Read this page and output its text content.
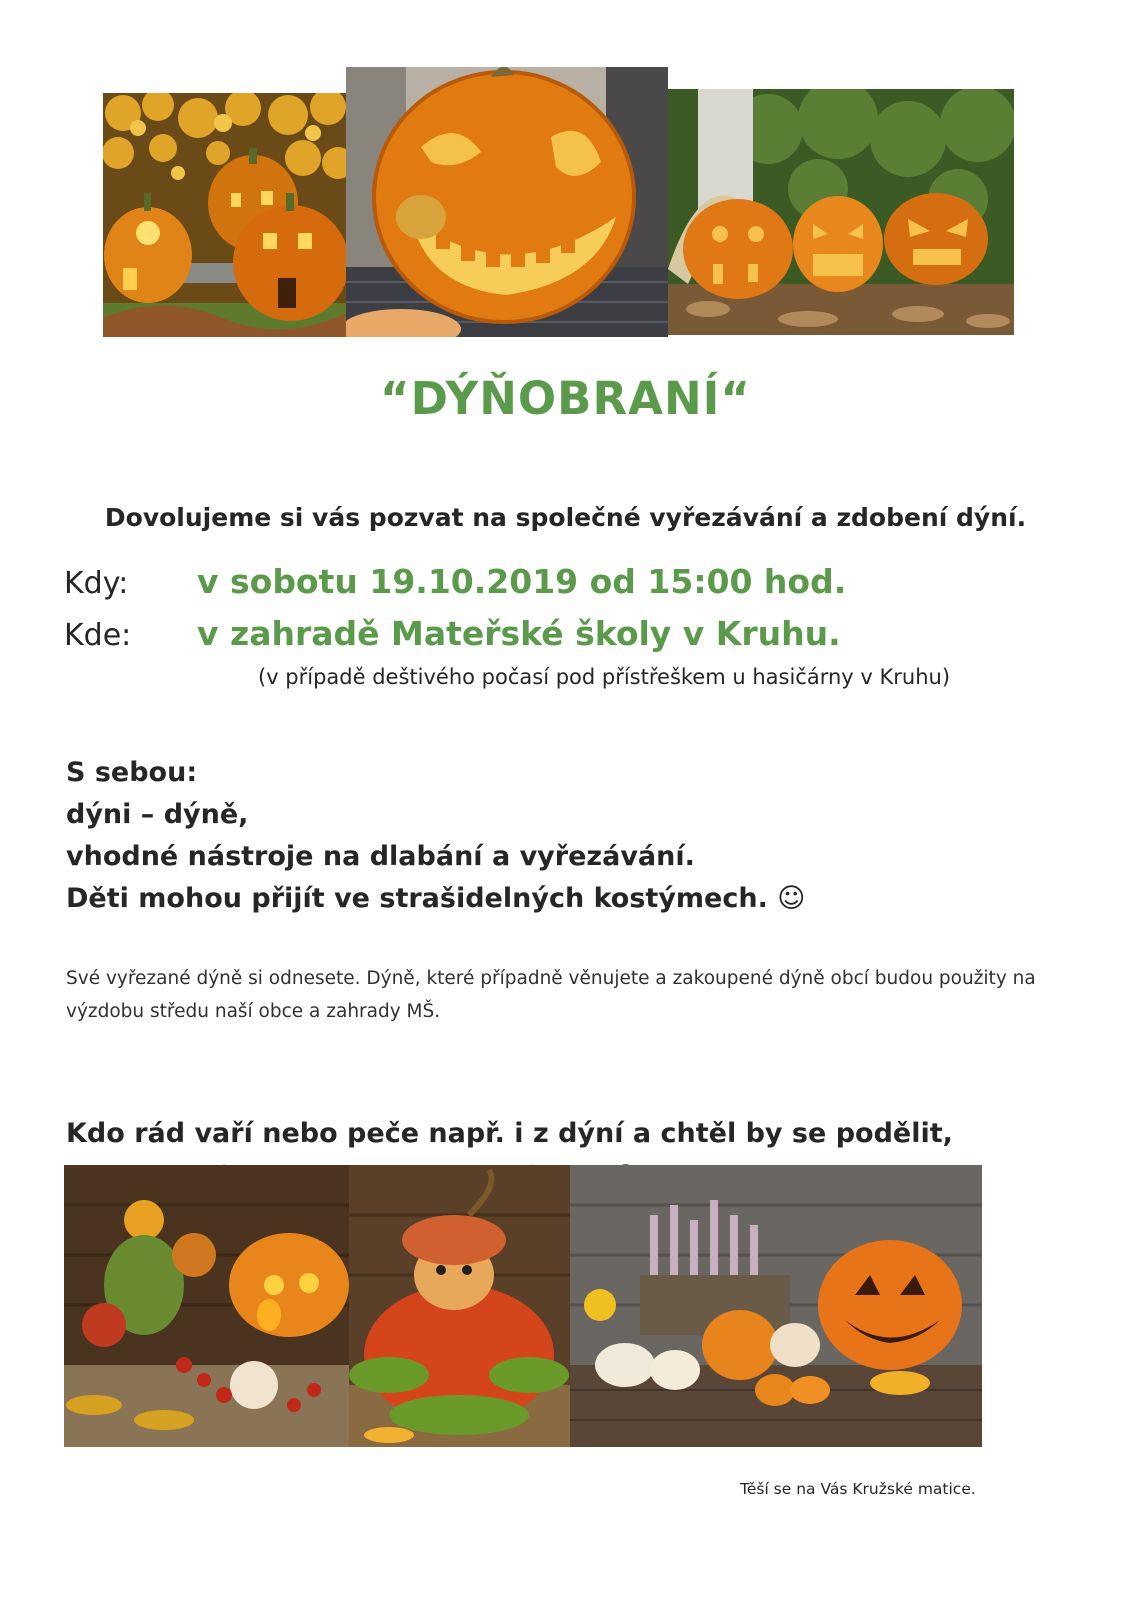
“DÝŇOBRANÍ“
Dovolujeme si vás pozvat na společné vyřezávání a zdobení dýní.
Kdy: v sobotu 19.10.2019 od 15:00 hod.
Kde: v zahradě Mateřské školy v Kruhu.
(v případě deštivého počasí pod přístřeškem u hasičárny v Kruhu)
S sebou:
dýni – dýně,
vhodné nástroje na dlabání a vyřezávání.
Děti mohou přijít ve strašidelných kostýmech. ☺
Své vyřezané dýně si odnesete. Dýně, které případně věnujete a zakoupené dýně obcí budou použity na výzdobu středu naší obce a zahrady MŠ.
Kdo rád vaří nebo peče např. i z dýní a chtěl by se podělit,
Těší se na Vás Kružské matice.
